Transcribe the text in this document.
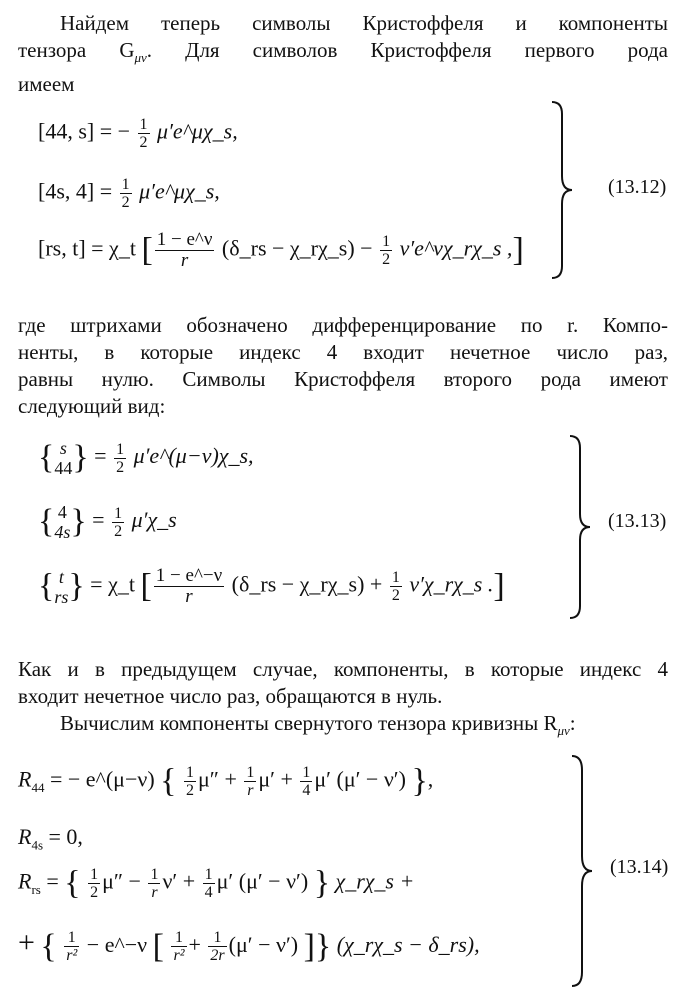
Найдем теперь символы Кристоффеля и компоненты
тензора $G_{\mu\nu}$. Для символов Кристоффеля первого рода
имеем
[44, s] = − $\frac{1}{2}$ μ′e^μχ_s,
[4s, $4] = \frac{1}{2}$ μ′e^μχ_s,
[rs, t] = χ_t [ $\frac{1 - e\^{}\nu}{r}$ (δ_rs − χ_rχ_s) − $\frac{1}{2}$ ν′e^νχ_rχ_s ,]
(13.12)
где штрихами обозначено дифференцирование по r. Компо-
ненты, в которые индекс 4 входит нечетное число раз,
равны нулю. Символы Кристоффеля второго рода имеют
следующий вид:
{ s
44 } = $\frac{1}{2}$ μ′e^(μ−ν)χ_s,
{ 4
4s } = $\frac{1}{2}$ μ′χ_s
{ t
rs } = χ_t [ $\frac{1 - e\^{}-\nu}{r}$ (δ_rs − χ_rχ_s) + $\frac{1}{2}$ ν′χ_rχ_s .]
(13.13)
Как и в предыдущем случае, компоненты, в которые индекс 4
входит нечетное число раз, обращаются в нуль.
Вычислим компоненты свернутого тензора кривизны $R_{\mu\nu}$:
$R_{44}$ = − e^(μ−ν) { $\frac{1}{2} \mu'' + \frac{1}{r} \mu' + \frac{1}{4} \mu'$ (μ′ − ν′) },
$R_{4s} = 0$,
$R_{rs}$ = { $\frac{1}{2} \mu'' - \frac{1}{r} \nu' + \frac{1}{4} \mu'$ (μ′ − ν′) } χ_rχ_s +
+ { $\frac{1}{\text{r²}}$ − e^−ν [ $\frac{1}{\text{r²}} + \frac{1}{2r} (\mu' - \nu')$ ]} (χ_rχ_s − δ_rs),
(13.14)
